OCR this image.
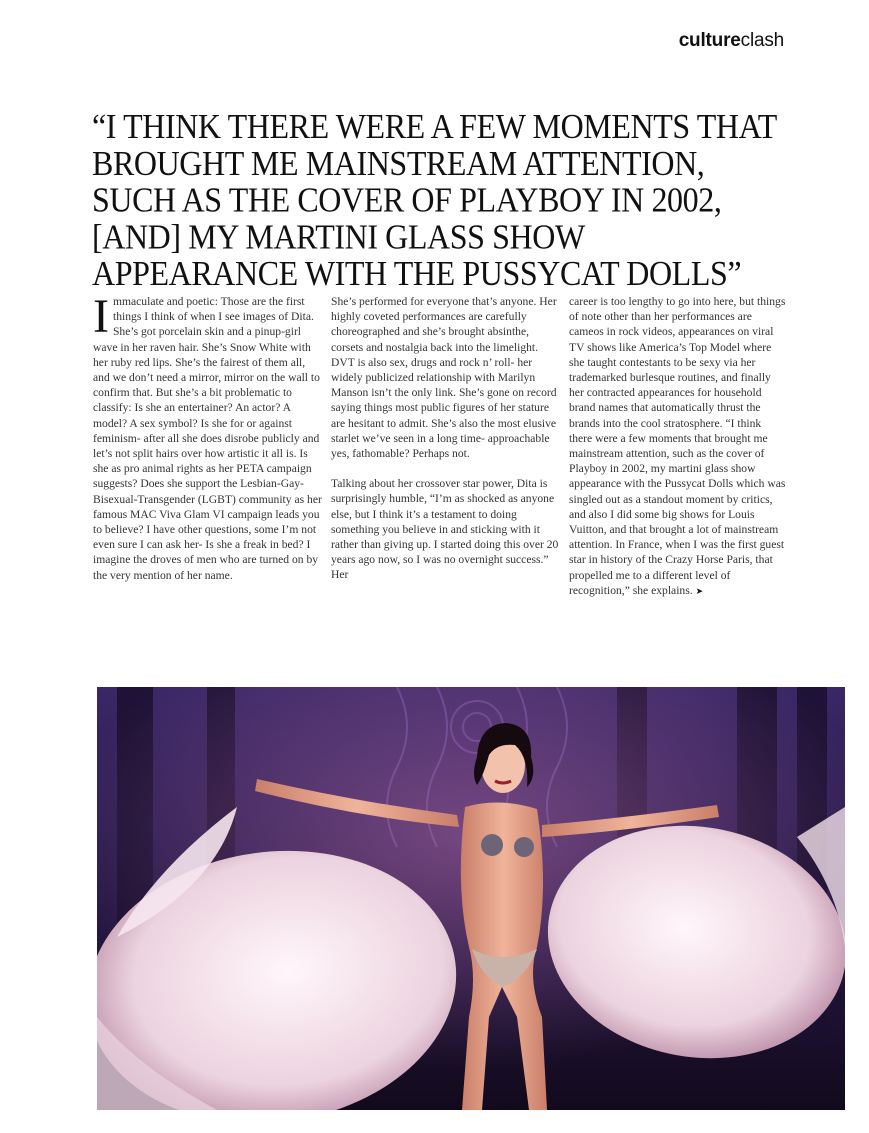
cultureclash
“I THINK THERE WERE A FEW MOMENTS THAT BROUGHT ME MAINSTREAM ATTENTION, SUCH AS THE COVER OF PLAYBOY IN 2002, [AND] MY MARTINI GLASS SHOW APPEARANCE WITH THE PUSSYCAT DOLLS”

Immaculate and poetic: Those are the first things I think of when I see images of Dita. She’s got porcelain skin and a pinup-girl wave in her raven hair. She’s Snow White with her ruby red lips. She’s the fairest of them all, and we don’t need a mirror, mirror on the wall to confirm that. But she’s a bit problematic to classify: Is she an entertainer? An actor? A model? A sex symbol? Is she for or against feminism- after all she does disrobe publicly and let’s not split hairs over how artistic it all is. Is she as pro animal rights as her PETA campaign suggests? Does she support the Lesbian-Gay-Bisexual-Transgender (LGBT) community as her famous MAC Viva Glam VI campaign leads you to believe? I have other questions, some I’m not even sure I can ask her- Is she a freak in bed? I imagine the droves of men who are turned on by the very mention of her name.

She’s performed for everyone that’s anyone. Her highly coveted performances are carefully choreographed and she’s brought absinthe, corsets and nostalgia back into the limelight. DVT is also sex, drugs and rock n’ roll- her widely publicized relationship with Marilyn Manson isn’t the only link. She’s gone on record saying things most public figures of her stature are hesitant to admit. She’s also the most elusive starlet we’ve seen in a long time- approachable yes, fathomable? Perhaps not.

Talking about her crossover star power, Dita is surprisingly humble, “I’m as shocked as anyone else, but I think it’s a testament to doing something you believe in and sticking with it rather than giving up. I started doing this over 20 years ago now, so I was no overnight success.” Her

career is too lengthy to go into here, but things of note other than her performances are cameos in rock videos, appearances on viral TV shows like America’s Top Model where she taught contestants to be sexy via her trademarked burlesque routines, and finally her contracted appearances for household brand names that automatically thrust the brands into the cool stratosphere. “I think there were a few moments that brought me mainstream attention, such as the cover of Playboy in 2002, my martini glass show appearance with the Pussycat Dolls which was singled out as a standout moment by critics, and also I did some big shows for Louis Vuitton, and that brought a lot of mainstream attention. In France, when I was the first guest star in history of the Crazy Horse Paris, that propelled me to a different level of recognition,” she explains. ➤
